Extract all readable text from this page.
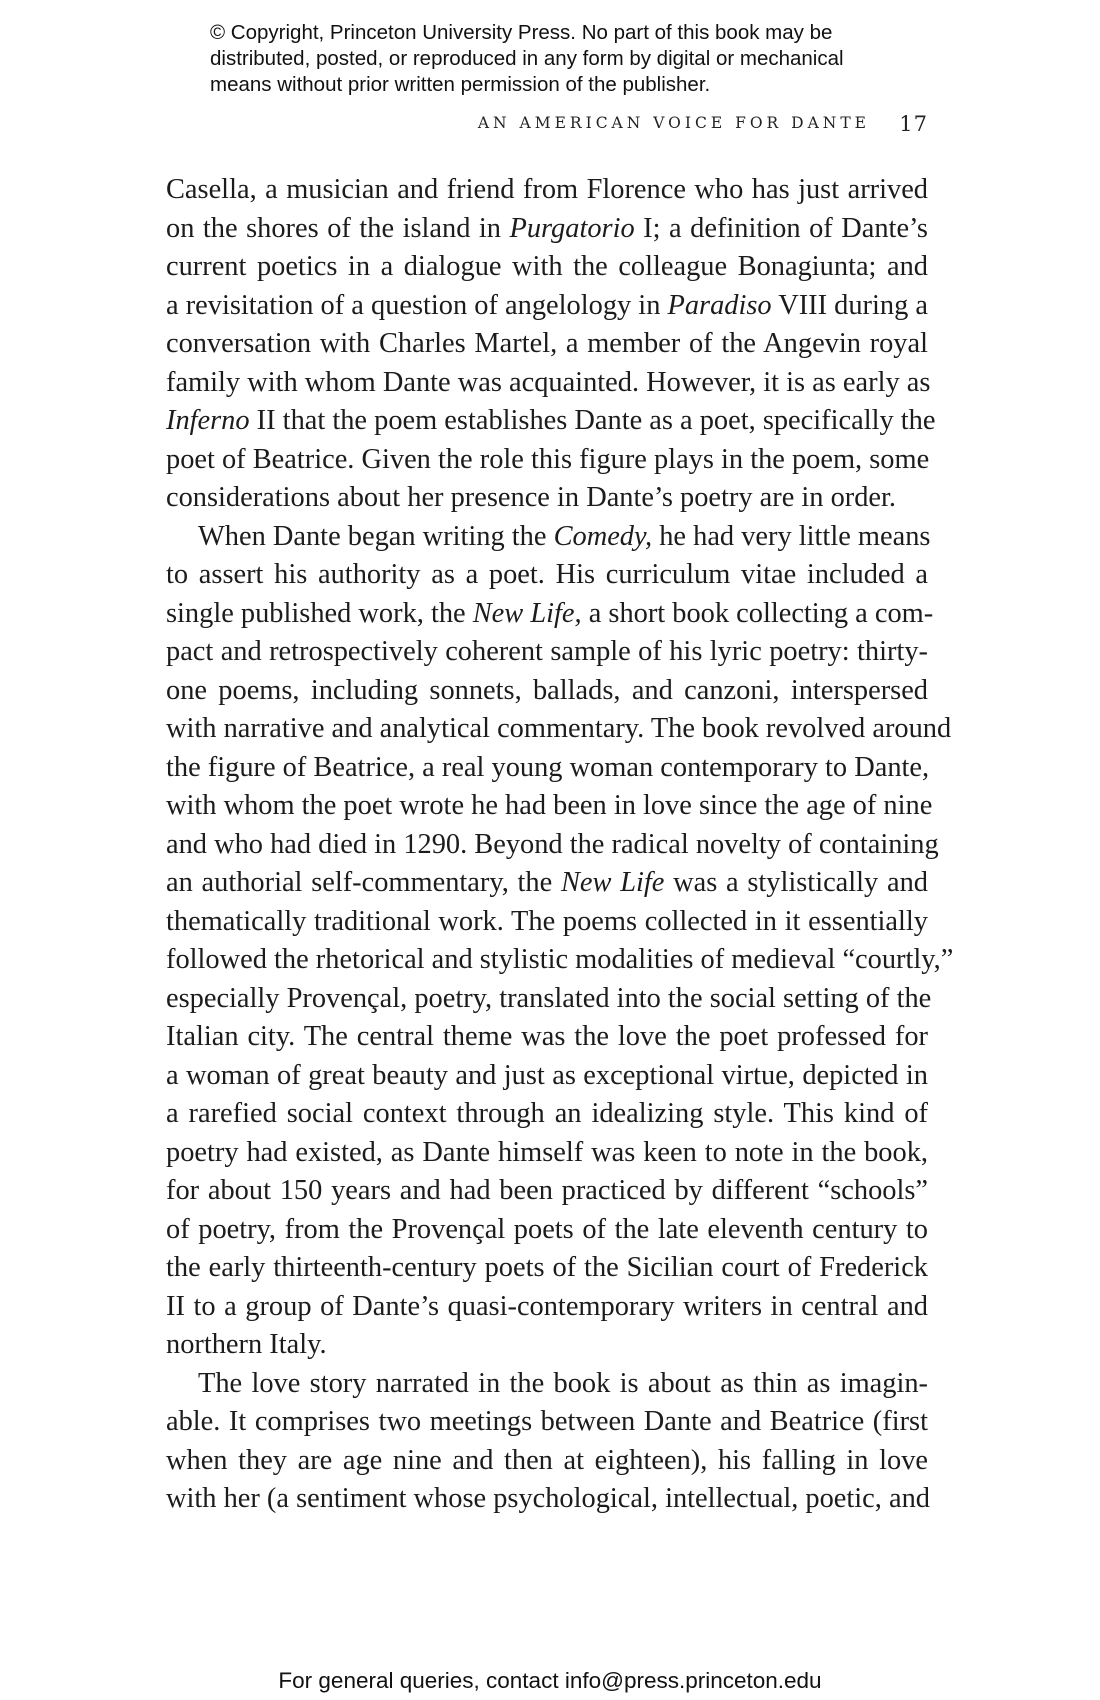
© Copyright, Princeton University Press. No part of this book may be
distributed, posted, or reproduced in any form by digital or mechanical
means without prior written permission of the publisher.
AN AMERICAN VOICE FOR DANTE 17
Casella, a musician and friend from Florence who has just arrived
on the shores of the island in Purgatorio I; a definition of Dante’s
current poetics in a dialogue with the colleague Bonagiunta; and
a revisitation of a question of angelology in Paradiso VIII during a
conversation with Charles Martel, a member of the Angevin royal
family with whom Dante was acquainted. However, it is as early as
Inferno II that the poem establishes Dante as a poet, specifically the
poet of Beatrice. Given the role this figure plays in the poem, some
considerations about her presence in Dante’s poetry are in order.
When Dante began writing the Comedy, he had very little means
to assert his authority as a poet. His curriculum vitae included a
single published work, the New Life, a short book collecting a com-
pact and retrospectively coherent sample of his lyric poetry: thirty-
one poems, including sonnets, ballads, and canzoni, interspersed
with narrative and analytical commentary. The book revolved around
the figure of Beatrice, a real young woman contemporary to Dante,
with whom the poet wrote he had been in love since the age of nine
and who had died in 1290. Beyond the radical novelty of containing
an authorial self-commentary, the New Life was a stylistically and
thematically traditional work. The poems collected in it essentially
followed the rhetorical and stylistic modalities of medieval “courtly,”
especially Provençal, poetry, translated into the social setting of the
Italian city. The central theme was the love the poet professed for
a woman of great beauty and just as exceptional virtue, depicted in
a rarefied social context through an idealizing style. This kind of
poetry had existed, as Dante himself was keen to note in the book,
for about 150 years and had been practiced by different “schools”
of poetry, from the Provençal poets of the late eleventh century to
the early thirteenth-century poets of the Sicilian court of Frederick
II to a group of Dante’s quasi-contemporary writers in central and
northern Italy.
The love story narrated in the book is about as thin as imagin-
able. It comprises two meetings between Dante and Beatrice (first
when they are age nine and then at eighteen), his falling in love
with her (a sentiment whose psychological, intellectual, poetic, and
For general queries, contact info@press.princeton.edu
